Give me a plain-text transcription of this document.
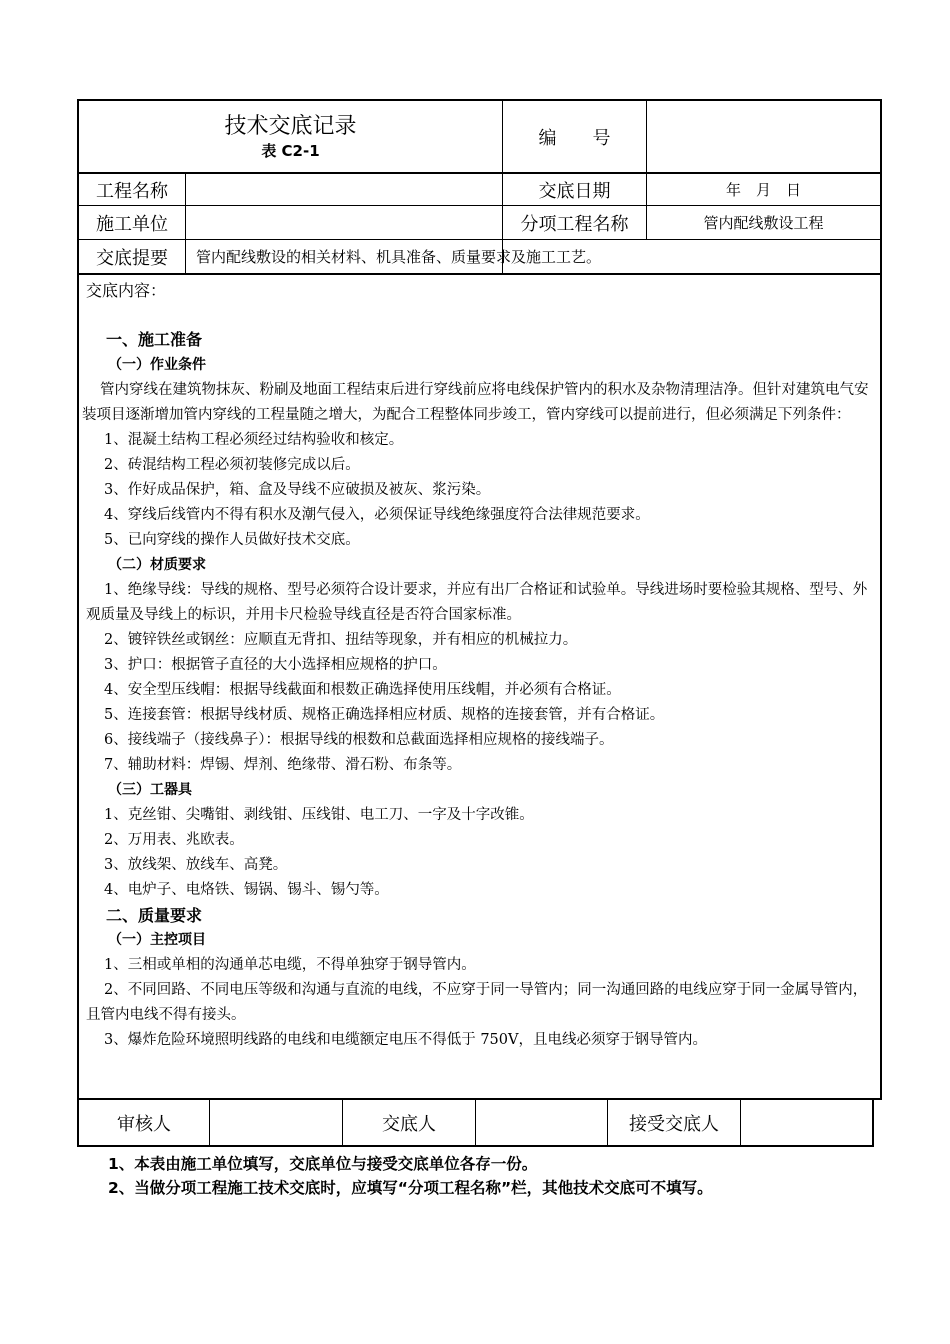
技术交底记录
表 C2-1
编　　号
工程名称	交底日期	年　月　日
施工单位	分项工程名称	管内配线敷设工程
交底提要	管内配线敷设的相关材料、机具准备、质量要求及施工工艺。
交底内容：
一、施工准备
（一）作业条件
管内穿线在建筑物抹灰、粉刷及地面工程结束后进行穿线前应将电线保护管内的积水及杂物清理洁净。但针对建筑电气安装项目逐渐增加管内穿线的工程量随之增大，为配合工程整体同步竣工，管内穿线可以提前进行，但必须满足下列条件：
1、混凝土结构工程必须经过结构验收和核定。
2、砖混结构工程必须初装修完成以后。
3、作好成品保护，箱、盒及导线不应破损及被灰、浆污染。
4、穿线后线管内不得有积水及潮气侵入，必须保证导线绝缘强度符合法律规范要求。
5、已向穿线的操作人员做好技术交底。
（二）材质要求
1、绝缘导线：导线的规格、型号必须符合设计要求，并应有出厂合格证和试验单。导线进场时要检验其规格、型号、外观质量及导线上的标识，并用卡尺检验导线直径是否符合国家标准。
2、镀锌铁丝或钢丝：应顺直无背扣、扭结等现象，并有相应的机械拉力。
3、护口：根据管子直径的大小选择相应规格的护口。
4、安全型压线帽：根据导线截面和根数正确选择使用压线帽，并必须有合格证。
5、连接套管：根据导线材质、规格正确选择相应材质、规格的连接套管，并有合格证。
6、接线端子（接线鼻子）：根据导线的根数和总截面选择相应规格的接线端子。
7、辅助材料：焊锡、焊剂、绝缘带、滑石粉、布条等。
（三）工器具
1、克丝钳、尖嘴钳、剥线钳、压线钳、电工刀、一字及十字改锥。
2、万用表、兆欧表。
3、放线架、放线车、高凳。
4、电炉子、电烙铁、锡锅、锡斗、锡勺等。
二、质量要求
（一）主控项目
1、三相或单相的沟通单芯电缆，不得单独穿于钢导管内。
2、不同回路、不同电压等级和沟通与直流的电线，不应穿于同一导管内；同一沟通回路的电线应穿于同一金属导管内，且管内电线不得有接头。
3、爆炸危险环境照明线路的电线和电缆额定电压不得低于 750V，且电线必须穿于钢导管内。
审核人	交底人	接受交底人
1、本表由施工单位填写，交底单位与接受交底单位各存一份。
2、当做分项工程施工技术交底时，应填写“分项工程名称”栏，其他技术交底可不填写。
